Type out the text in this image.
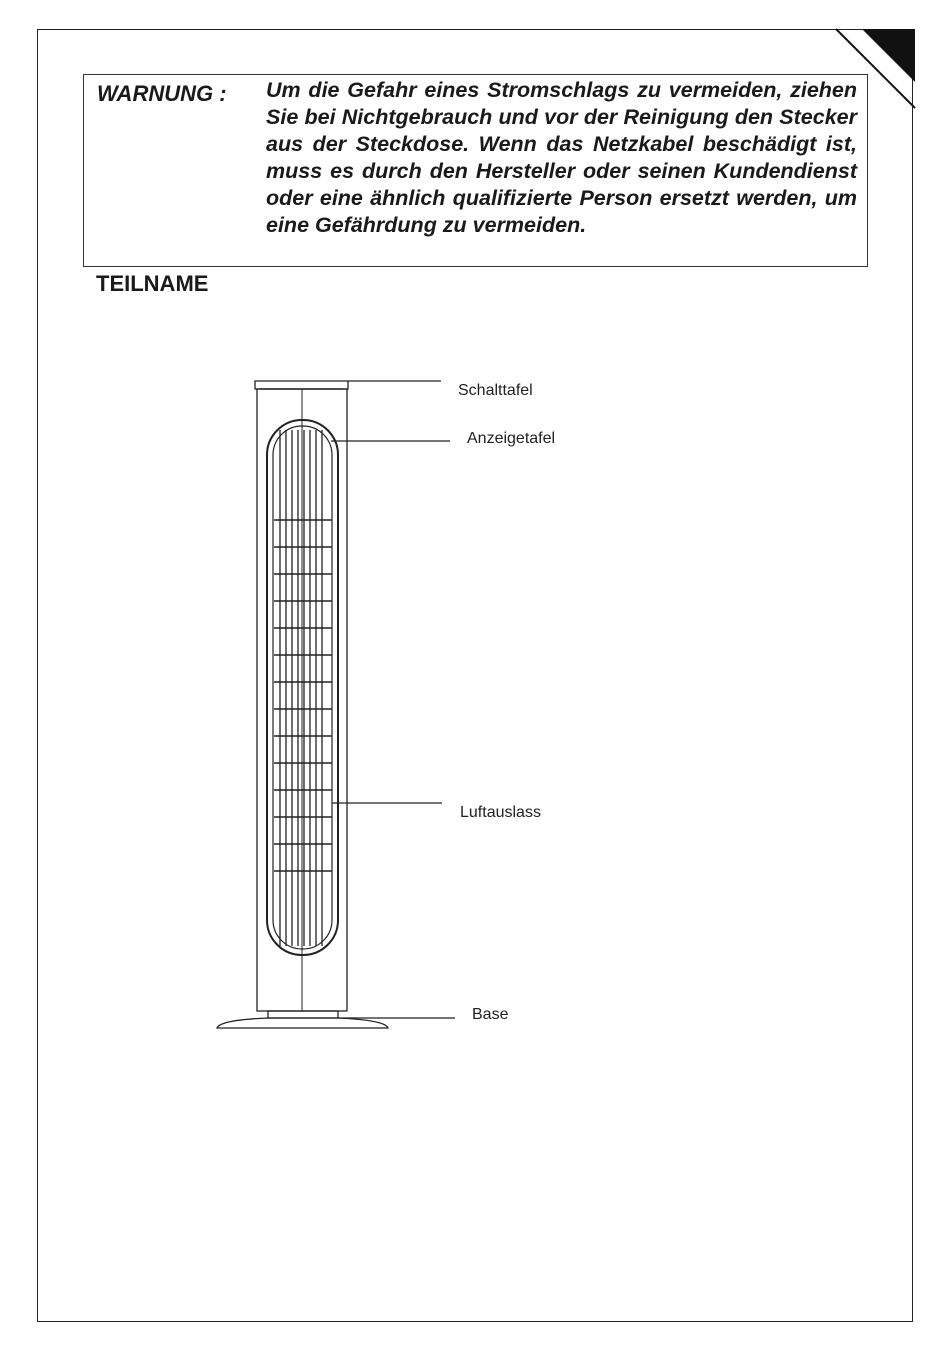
WARNUNG :	Um die Gefahr eines Stromschlags zu vermeiden, ziehen Sie bei Nichtgebrauch und vor der Reinigung den Stecker aus der Steckdose. Wenn das Netzkabel beschädigt ist, muss es durch den Hersteller oder seinen Kundendienst oder eine ähnlich qualifizierte Person ersetzt werden, um eine Gefährdung zu vermeiden.

TEILNAME
Schalttafel
Anzeigetafel
Luftauslass
Base
